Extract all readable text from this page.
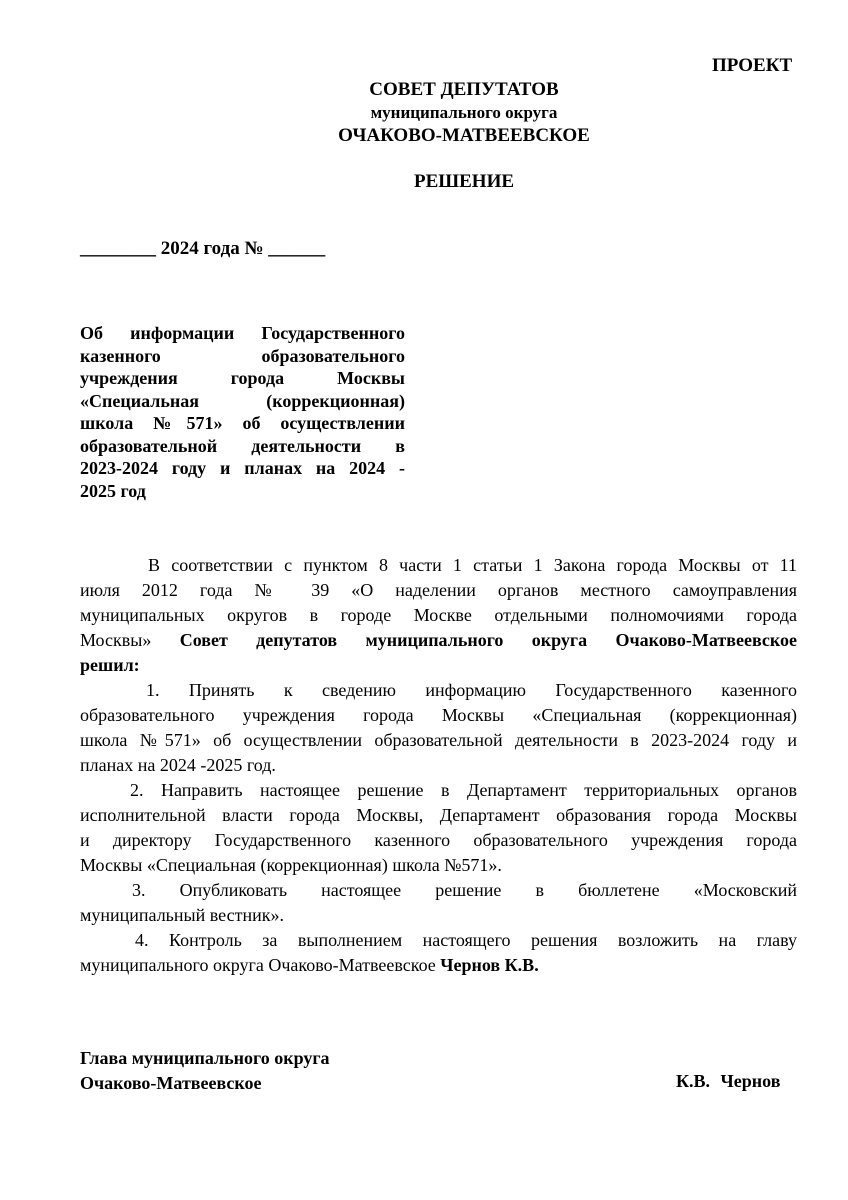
ПРОЕКТ
СОВЕТ ДЕПУТАТОВ
муниципального округа
ОЧАКОВО-МАТВЕЕВСКОЕ
РЕШЕНИЕ
________ 2024 года № ______
Об информации Государственного
казенного образовательного
учреждения города Москвы
«Специальная (коррекционная)
школа №571» об осуществлении
образовательной деятельности в
2023-2024 году и планах на 2024 -
2025 год

В соответствии с пунктом 8 части 1 статьи 1 Закона города Москвы от 11
июля 2012 года № 39 «О наделении органов местного самоуправления
муниципальных округов в городе Москве отдельными полномочиями города
Москвы» Совет депутатов муниципального округа Очаково-Матвеевское
решил:

1. Принять к сведению информацию Государственного казенного
образовательного учреждения города Москвы «Специальная (коррекционная)
школа №571» об осуществлении образовательной деятельности в 2023-2024 году и
планах на 2024 -2025 год.

2. Направить настоящее решение в Департамент территориальных органов
исполнительной власти города Москвы, Департамент образования города Москвы
и директору Государственного казенного образовательного учреждения города
Москвы «Специальная (коррекционная) школа №571».

3. Опубликовать настоящее решение в бюллетене «Московский
муниципальный вестник».

4. Контроль за выполнением настоящего решения возложить на главу
муниципального округа Очаково-Матвеевское Чернов К.В.

Глава муниципального округа
Очаково-Матвеевское	К.В. Чернов
